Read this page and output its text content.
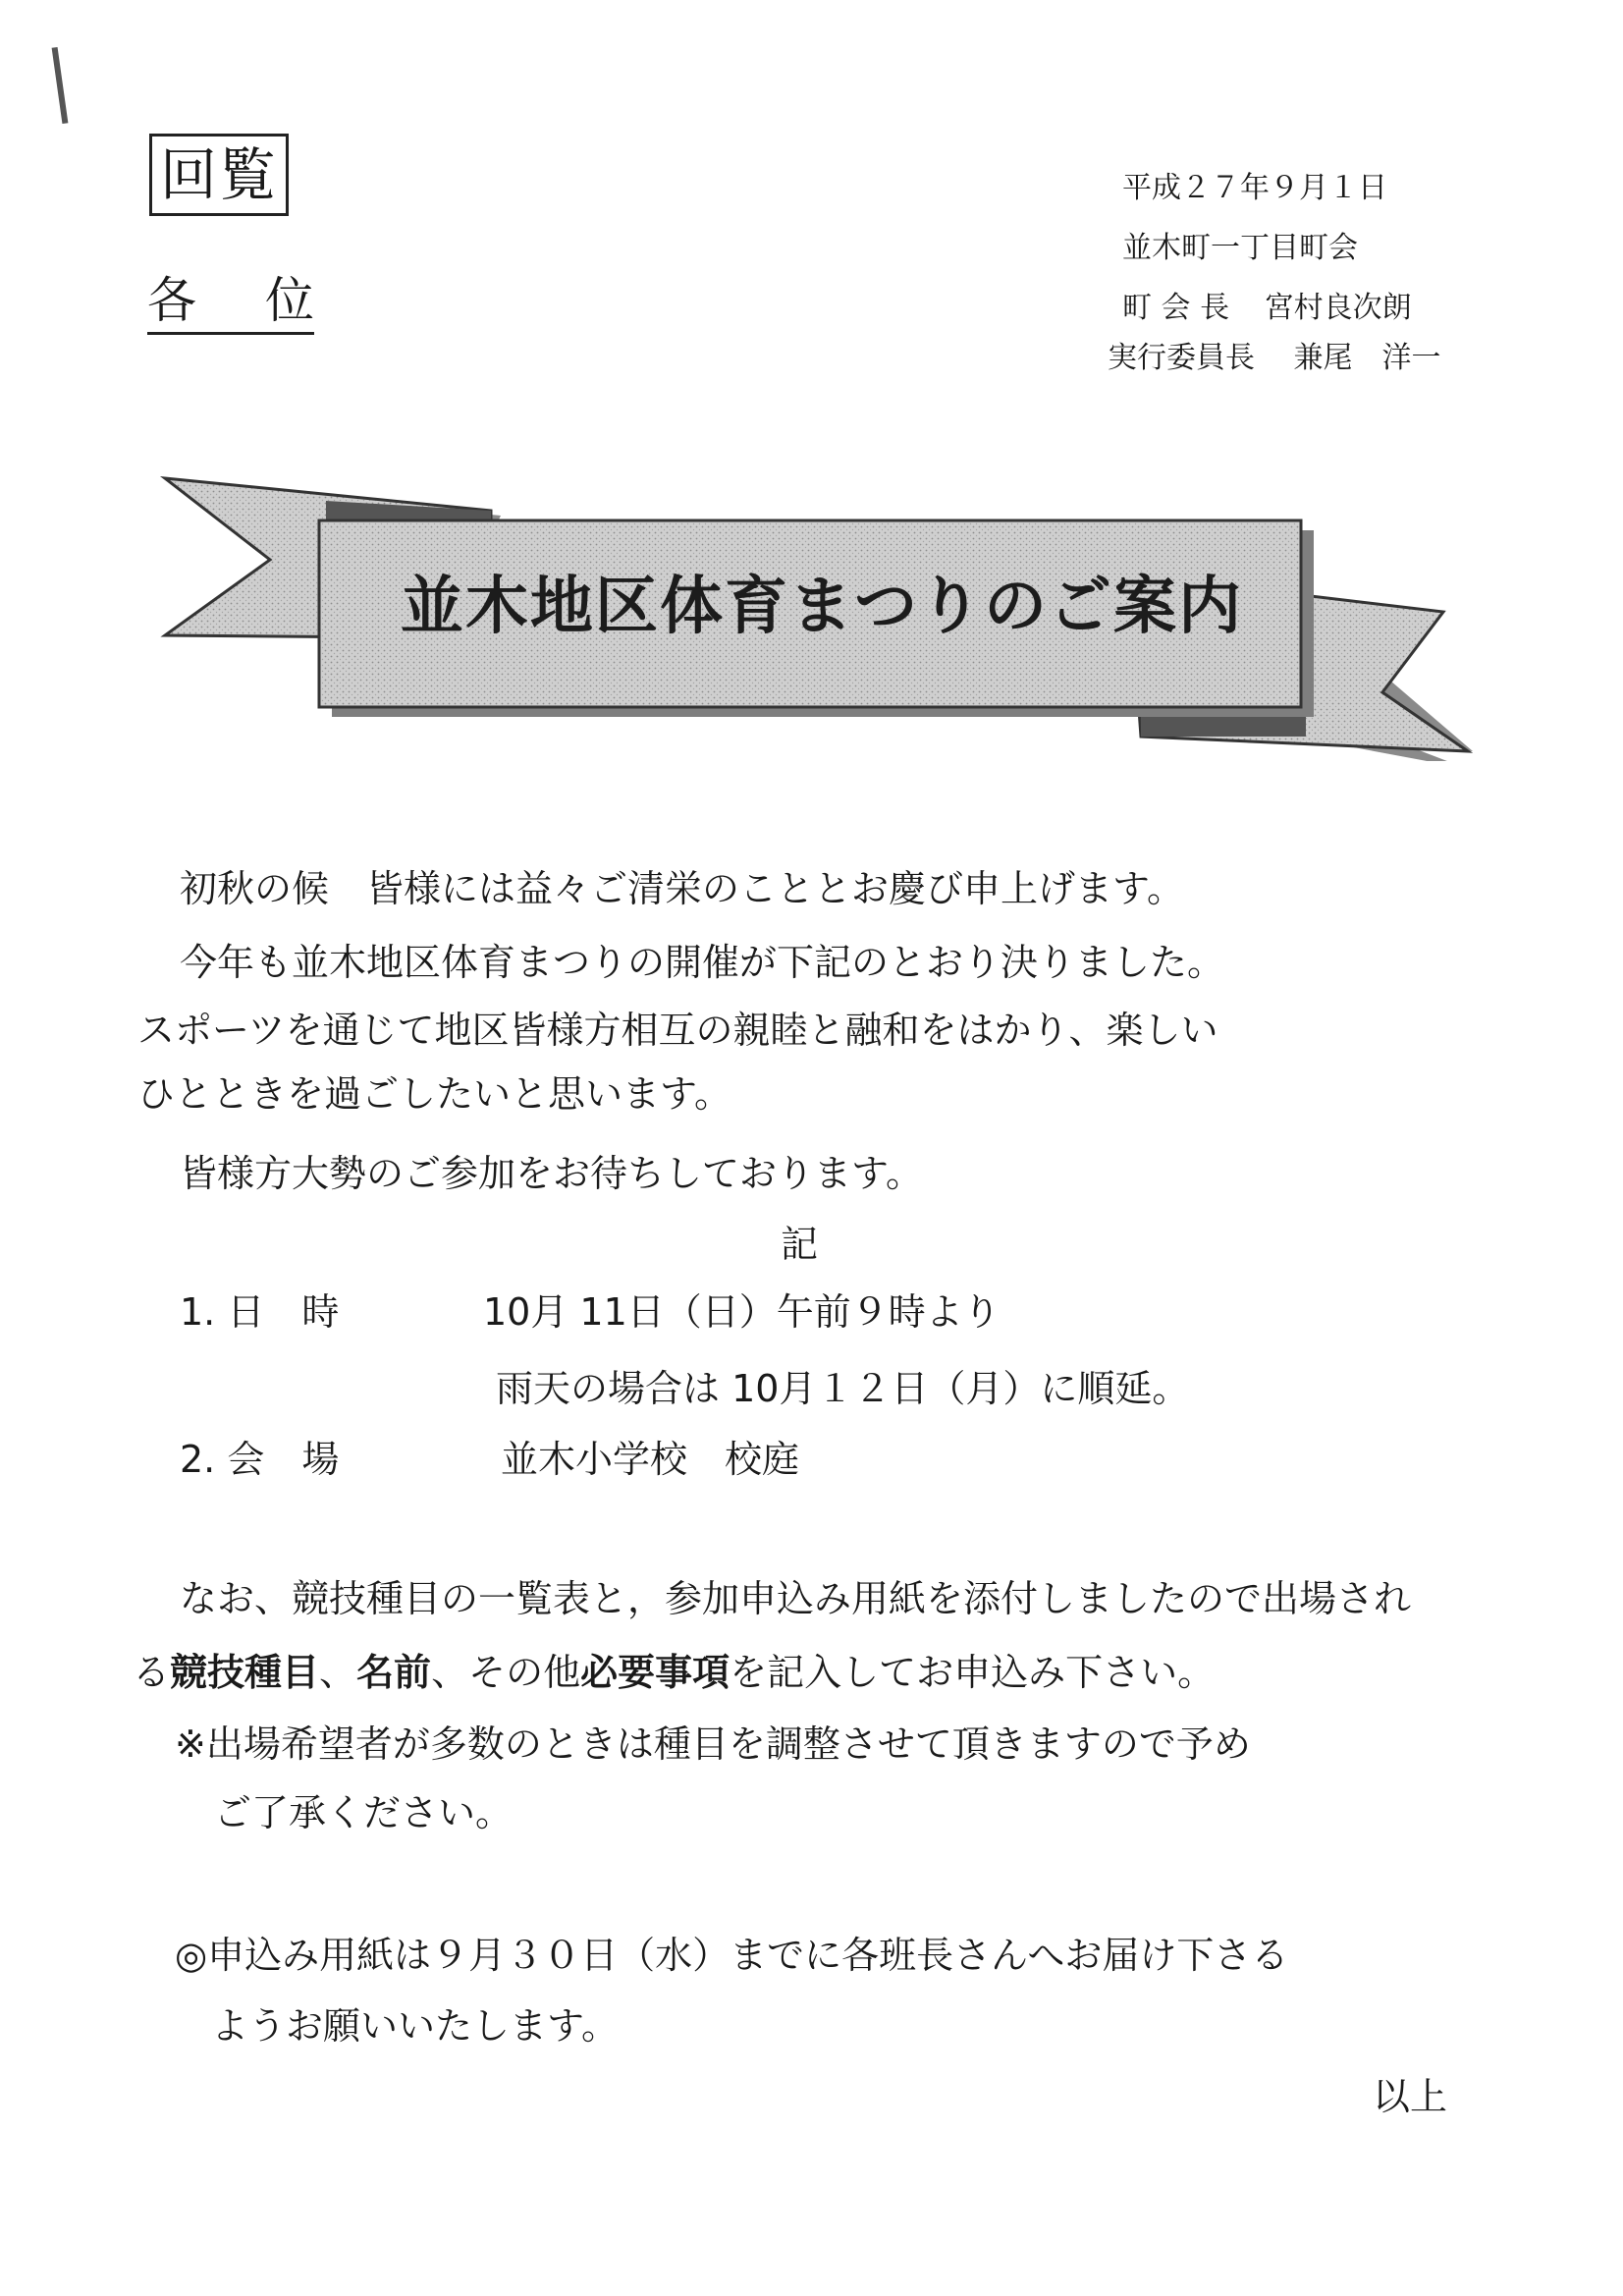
回覧
各 位
平成２７年９月１日
並木町一丁目町会
町 会 長 宮村良次朗
実行委員長 兼尾　洋一
並木地区体育まつりのご案内
初秋の候　皆様には益々ご清栄のこととお慶び申上げます。
今年も並木地区体育まつりの開催が下記のとおり決りました。
スポーツを通じて地区皆様方相互の親睦と融和をはかり、楽しい
ひとときを過ごしたいと思います。
皆様方大勢のご参加をお待ちしております。
記
1. 日　時	10月 11日（日）午前９時より
雨天の場合は 10月１２日（月）に順延。
2. 会　場	並木小学校　校庭
なお、競技種目の一覧表と，参加申込み用紙を添付しましたので出場され
る競技種目、名前、その他必要事項を記入してお申込み下さい。
※出場希望者が多数のときは種目を調整させて頂きますので予め
ご了承ください。
◎申込み用紙は９月３０日（水）までに各班長さんへお届け下さる
ようお願いいたします。
以上
